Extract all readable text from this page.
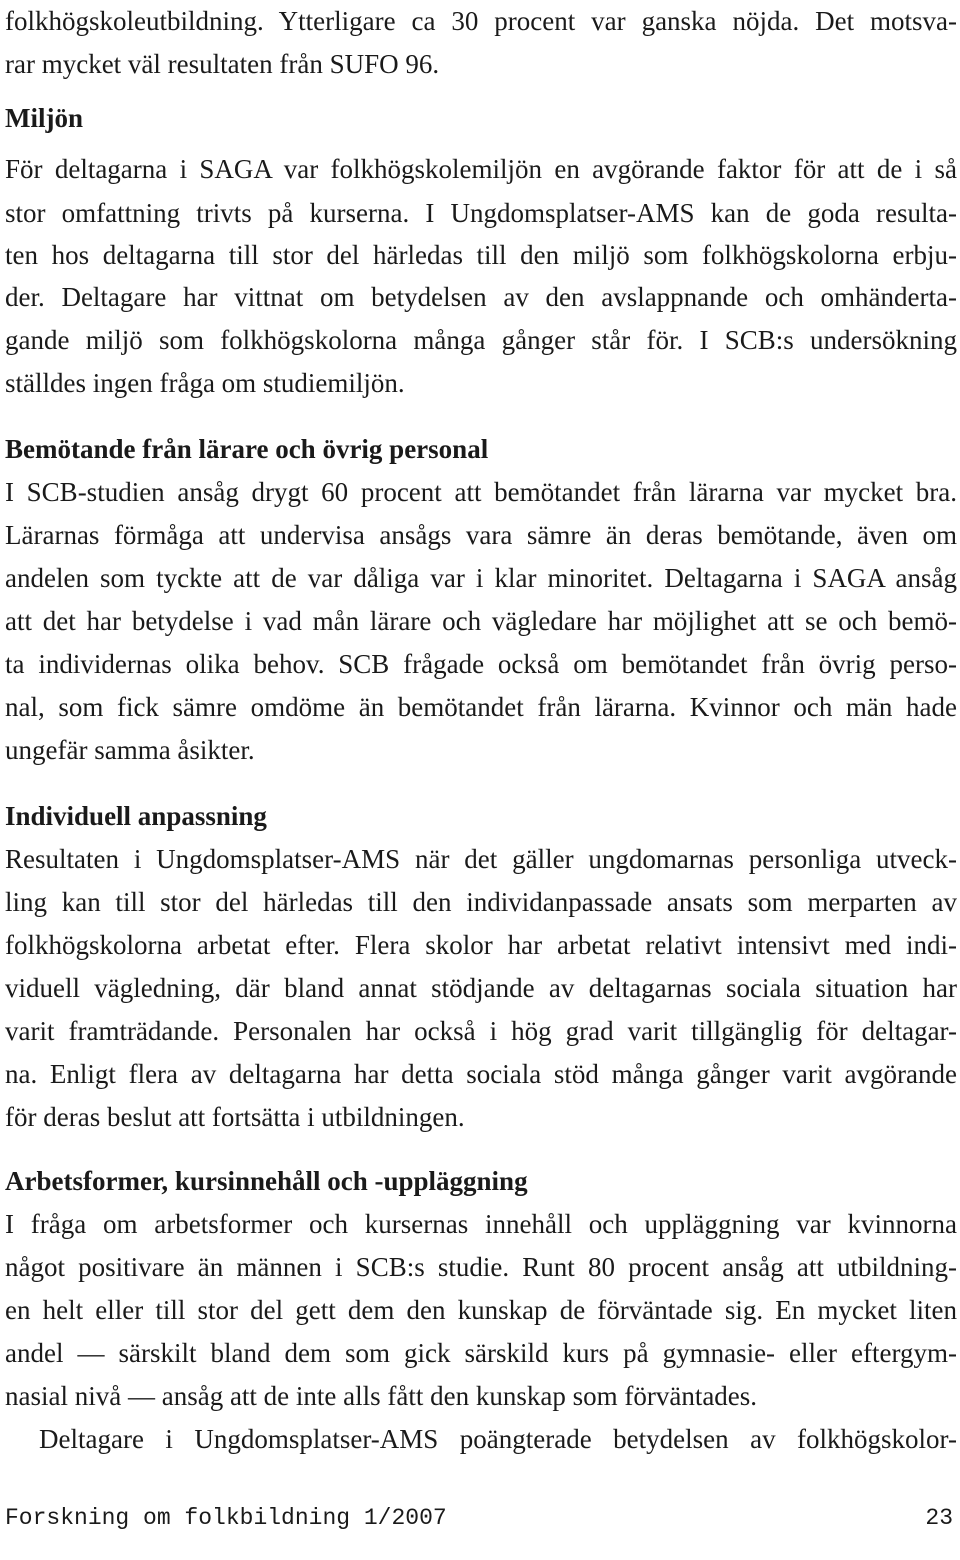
folkhögskoleutbildning. Ytterligare ca 30 procent var ganska nöjda. Det motsva-
rar mycket väl resultaten från SUFO 96.
Miljön
För deltagarna i SAGA var folkhögskolemiljön en avgörande faktor för att de i så
stor omfattning trivts på kurserna. I Ungdomsplatser-AMS kan de goda resulta-
ten hos deltagarna till stor del härledas till den miljö som folkhögskolorna erbju-
der. Deltagare har vittnat om betydelsen av den avslappnande och omhänderta-
gande miljö som folkhögskolorna många gånger står för. I SCB:s undersökning
ställdes ingen fråga om studiemiljön.
Bemötande från lärare och övrig personal
I SCB-studien ansåg drygt 60 procent att bemötandet från lärarna var mycket bra.
Lärarnas förmåga att undervisa ansågs vara sämre än deras bemötande, även om
andelen som tyckte att de var dåliga var i klar minoritet. Deltagarna i SAGA ansåg
att det har betydelse i vad mån lärare och vägledare har möjlighet att se och bemö-
ta individernas olika behov. SCB frågade också om bemötandet från övrig perso-
nal, som fick sämre omdöme än bemötandet från lärarna. Kvinnor och män hade
ungefär samma åsikter.
Individuell anpassning
Resultaten i Ungdomsplatser-AMS när det gäller ungdomarnas personliga utveck-
ling kan till stor del härledas till den individanpassade ansats som merparten av
folkhögskolorna arbetat efter. Flera skolor har arbetat relativt intensivt med indi-
viduell vägledning, där bland annat stödjande av deltagarnas sociala situation har
varit framträdande. Personalen har också i hög grad varit tillgänglig för deltagar-
na. Enligt flera av deltagarna har detta sociala stöd många gånger varit avgörande
för deras beslut att fortsätta i utbildningen.
Arbetsformer, kursinnehåll och -uppläggning
I fråga om arbetsformer och kursernas innehåll och uppläggning var kvinnorna
något positivare än männen i SCB:s studie. Runt 80 procent ansåg att utbildning-
en helt eller till stor del gett dem den kunskap de förväntade sig. En mycket liten
andel — särskilt bland dem som gick särskild kurs på gymnasie- eller eftergym-
nasial nivå — ansåg att de inte alls fått den kunskap som förväntades.
Deltagare i Ungdomsplatser-AMS poängterade betydelsen av folkhögskolor-
Forskning om folkbildning 1/2007	23
